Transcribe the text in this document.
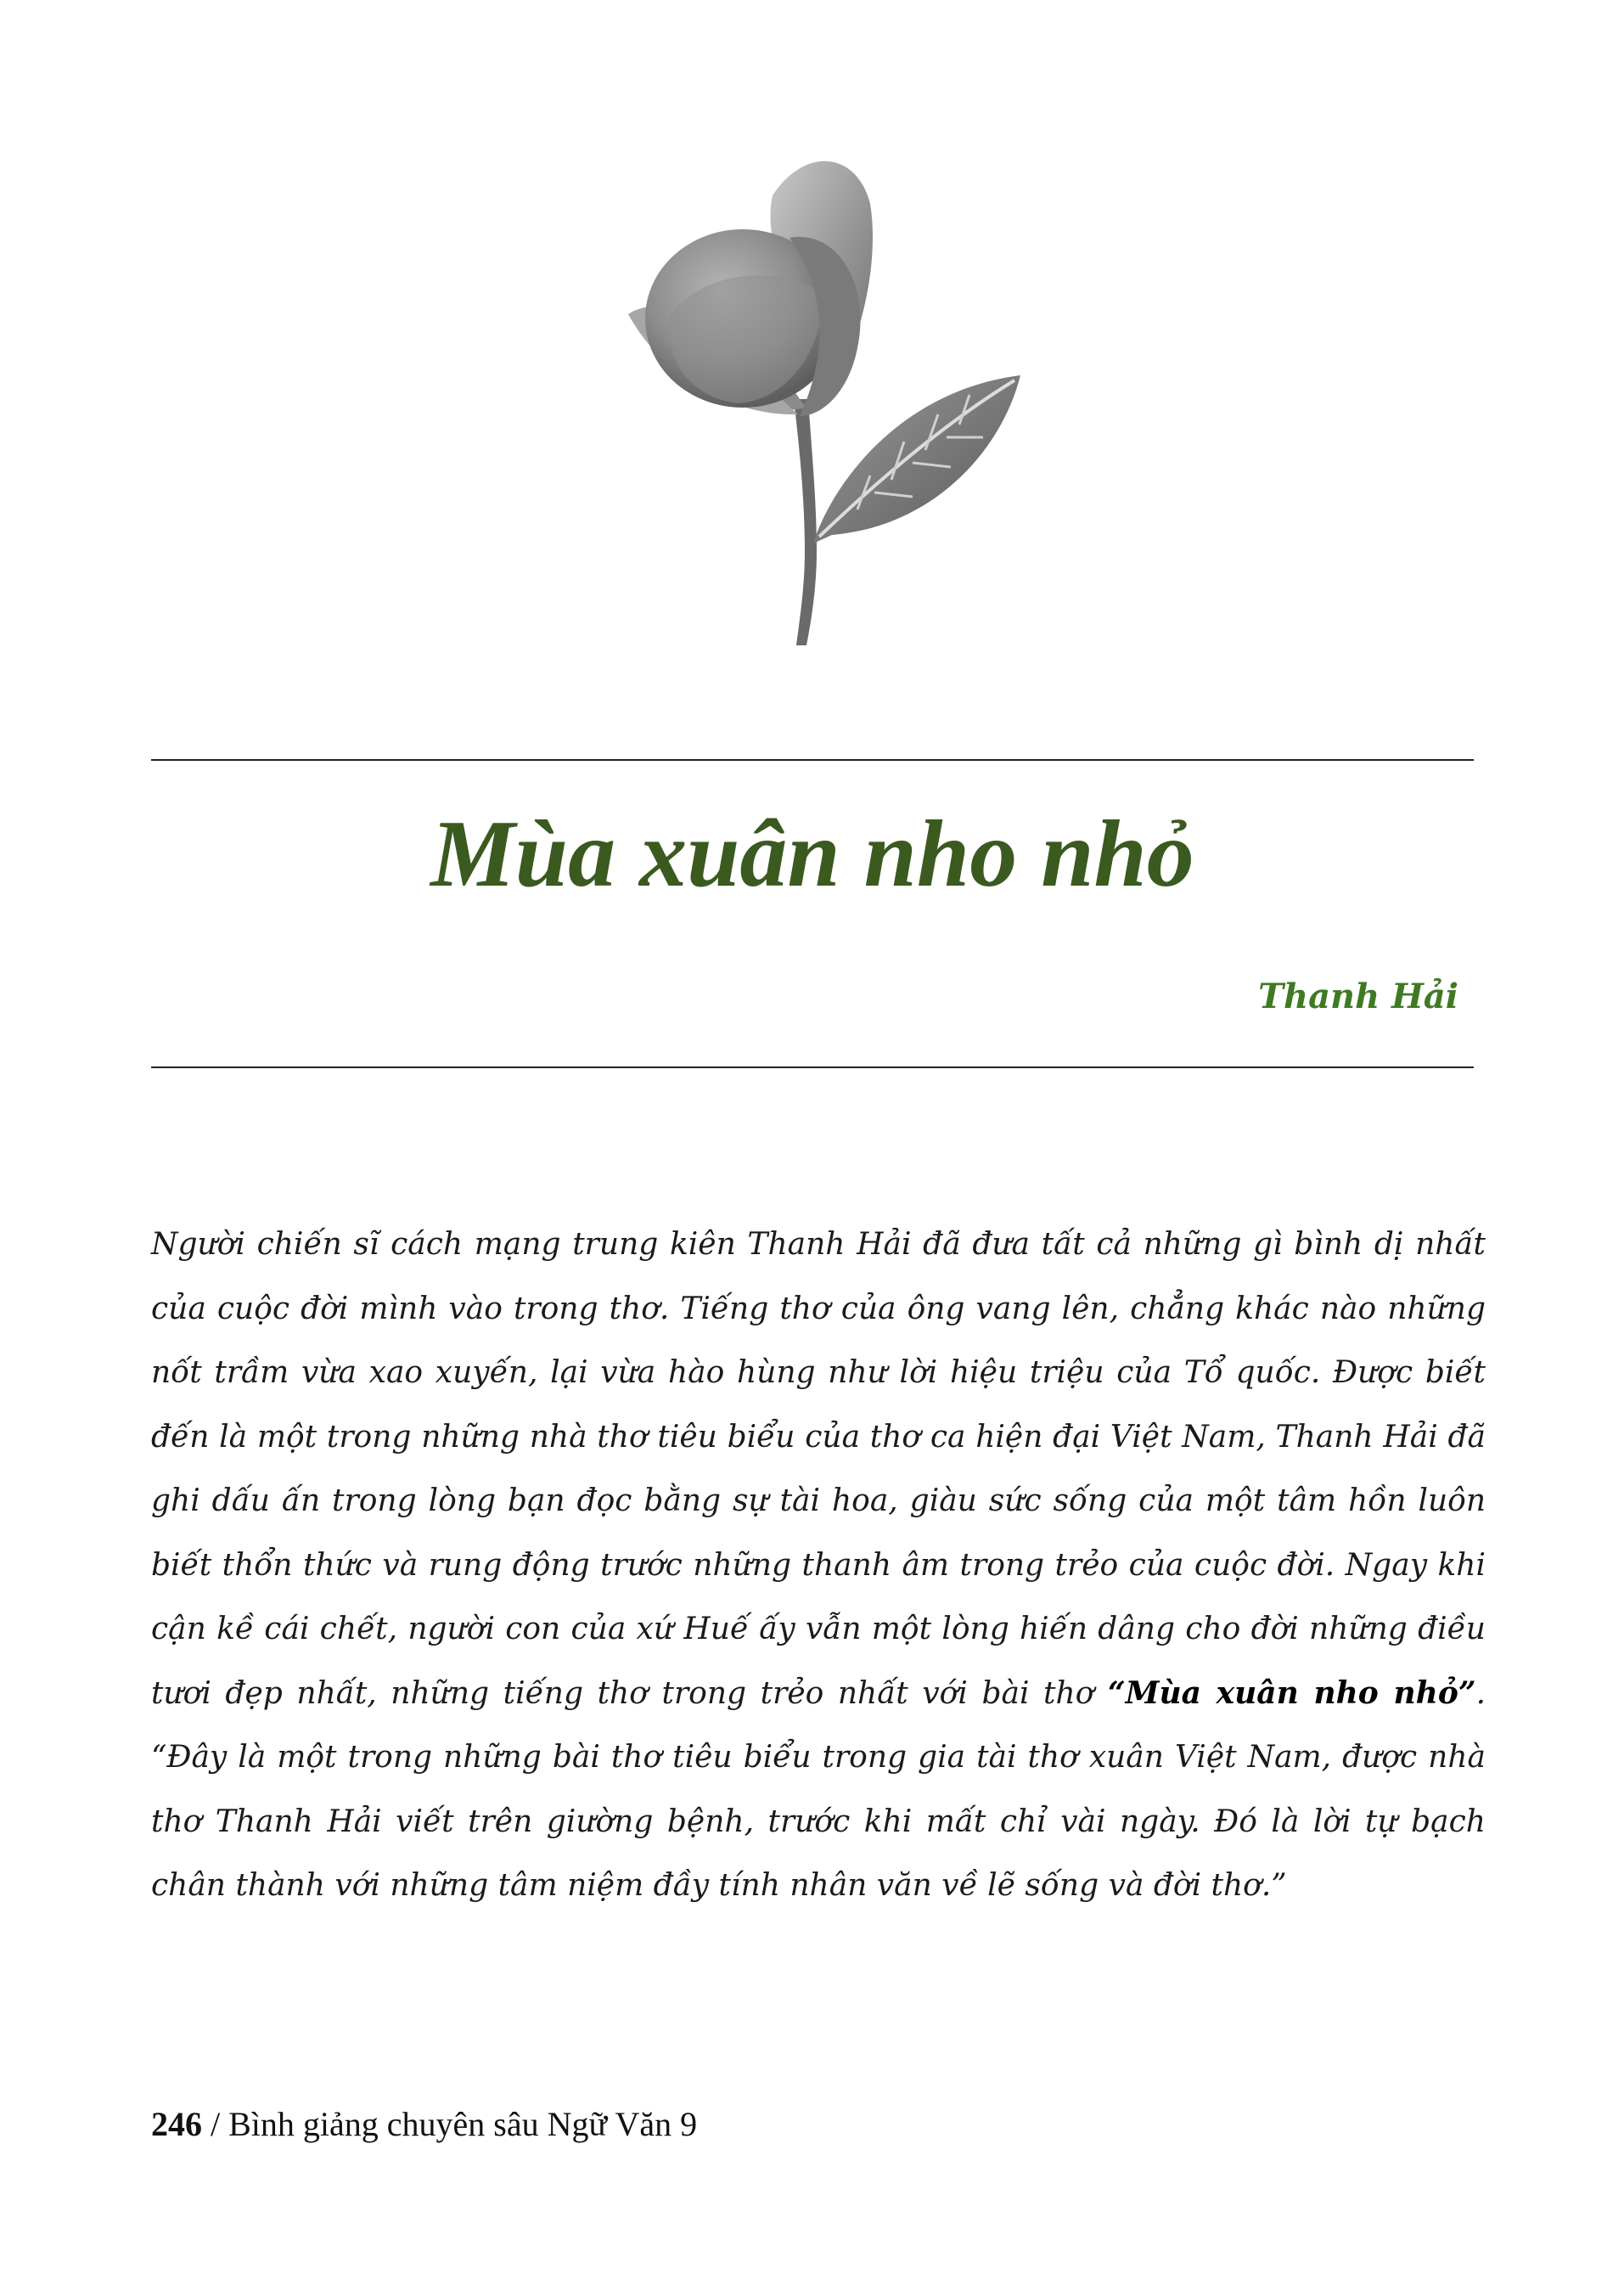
Mùa xuân nho nhỏ
Thanh Hải

Người chiến sĩ cách mạng trung kiên Thanh Hải đã đưa tất cả những gì bình dị nhất của cuộc đời mình vào trong thơ. Tiếng thơ của ông vang lên, chẳng khác nào những nốt trầm vừa xao xuyến, lại vừa hào hùng như lời hiệu triệu của Tổ quốc. Được biết đến là một trong những nhà thơ tiêu biểu của thơ ca hiện đại Việt Nam, Thanh Hải đã ghi dấu ấn trong lòng bạn đọc bằng sự tài hoa, giàu sức sống của một tâm hồn luôn biết thổn thức và rung động trước những thanh âm trong trẻo của cuộc đời. Ngay khi cận kề cái chết, người con của xứ Huế ấy vẫn một lòng hiến dâng cho đời những điều tươi đẹp nhất, những tiếng thơ trong trẻo nhất với bài thơ “Mùa xuân nho nhỏ”. “Đây là một trong những bài thơ tiêu biểu trong gia tài thơ xuân Việt Nam, được nhà thơ Thanh Hải viết trên giường bệnh, trước khi mất chỉ vài ngày. Đó là lời tự bạch chân thành với những tâm niệm đầy tính nhân văn về lẽ sống và đời thơ.”

246 / Bình giảng chuyên sâu Ngữ Văn 9
